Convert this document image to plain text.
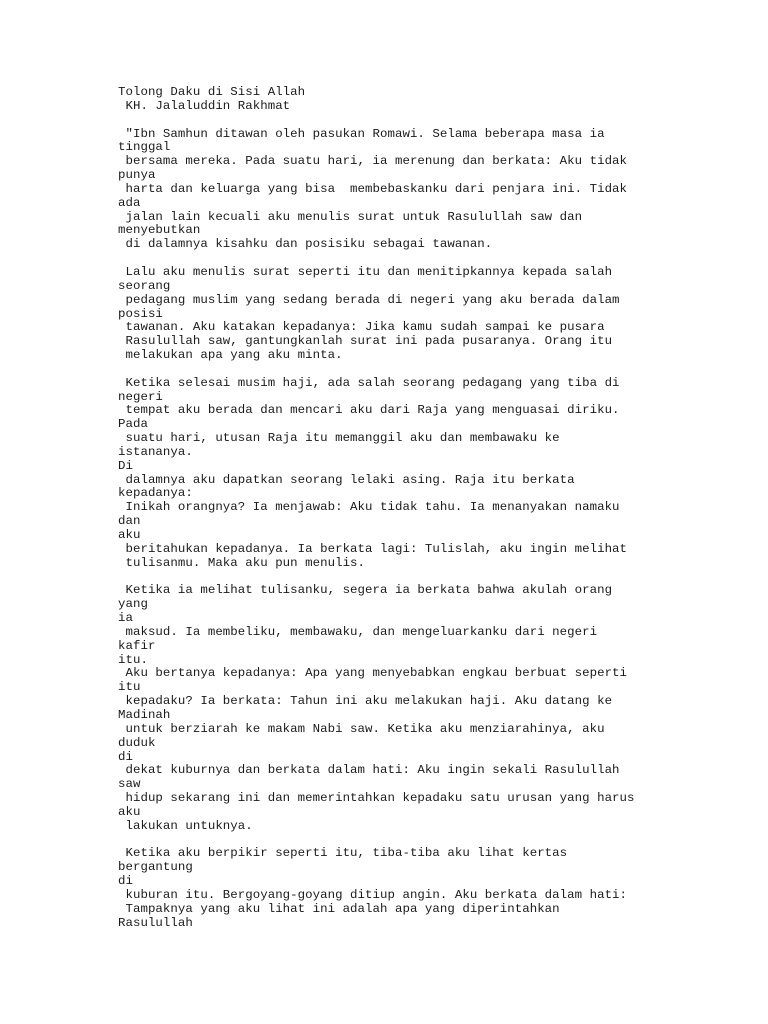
Tolong Daku di Sisi Allah
KH. Jalaluddin Rakhmat
"Ibn Samhun ditawan oleh pasukan Romawi. Selama beberapa masa ia
tinggal
bersama mereka. Pada suatu hari, ia merenung dan berkata: Aku tidak
punya
harta dan keluarga yang bisa  membebaskanku dari penjara ini. Tidak
ada
jalan lain kecuali aku menulis surat untuk Rasulullah saw dan
menyebutkan
di dalamnya kisahku dan posisiku sebagai tawanan.
Lalu aku menulis surat seperti itu dan menitipkannya kepada salah
seorang
pedagang muslim yang sedang berada di negeri yang aku berada dalam
posisi
tawanan. Aku katakan kepadanya: Jika kamu sudah sampai ke pusara
Rasulullah saw, gantungkanlah surat ini pada pusaranya. Orang itu
melakukan apa yang aku minta.
Ketika selesai musim haji, ada salah seorang pedagang yang tiba di
negeri
tempat aku berada dan mencari aku dari Raja yang menguasai diriku.
Pada
suatu hari, utusan Raja itu memanggil aku dan membawaku ke
istananya.
Di
dalamnya aku dapatkan seorang lelaki asing. Raja itu berkata
kepadanya:
Inikah orangnya? Ia menjawab: Aku tidak tahu. Ia menanyakan namaku
dan
aku
beritahukan kepadanya. Ia berkata lagi: Tulislah, aku ingin melihat
tulisanmu. Maka aku pun menulis.
Ketika ia melihat tulisanku, segera ia berkata bahwa akulah orang
yang
ia
maksud. Ia membeliku, membawaku, dan mengeluarkanku dari negeri
kafir
itu.
Aku bertanya kepadanya: Apa yang menyebabkan engkau berbuat seperti
itu
kepadaku? Ia berkata: Tahun ini aku melakukan haji. Aku datang ke
Madinah
untuk berziarah ke makam Nabi saw. Ketika aku menziarahinya, aku
duduk
di
dekat kuburnya dan berkata dalam hati: Aku ingin sekali Rasulullah
saw
hidup sekarang ini dan memerintahkan kepadaku satu urusan yang harus
aku
lakukan untuknya.
Ketika aku berpikir seperti itu, tiba-tiba aku lihat kertas
bergantung
di
kuburan itu. Bergoyang-goyang ditiup angin. Aku berkata dalam hati:
Tampaknya yang aku lihat ini adalah apa yang diperintahkan
Rasulullah
